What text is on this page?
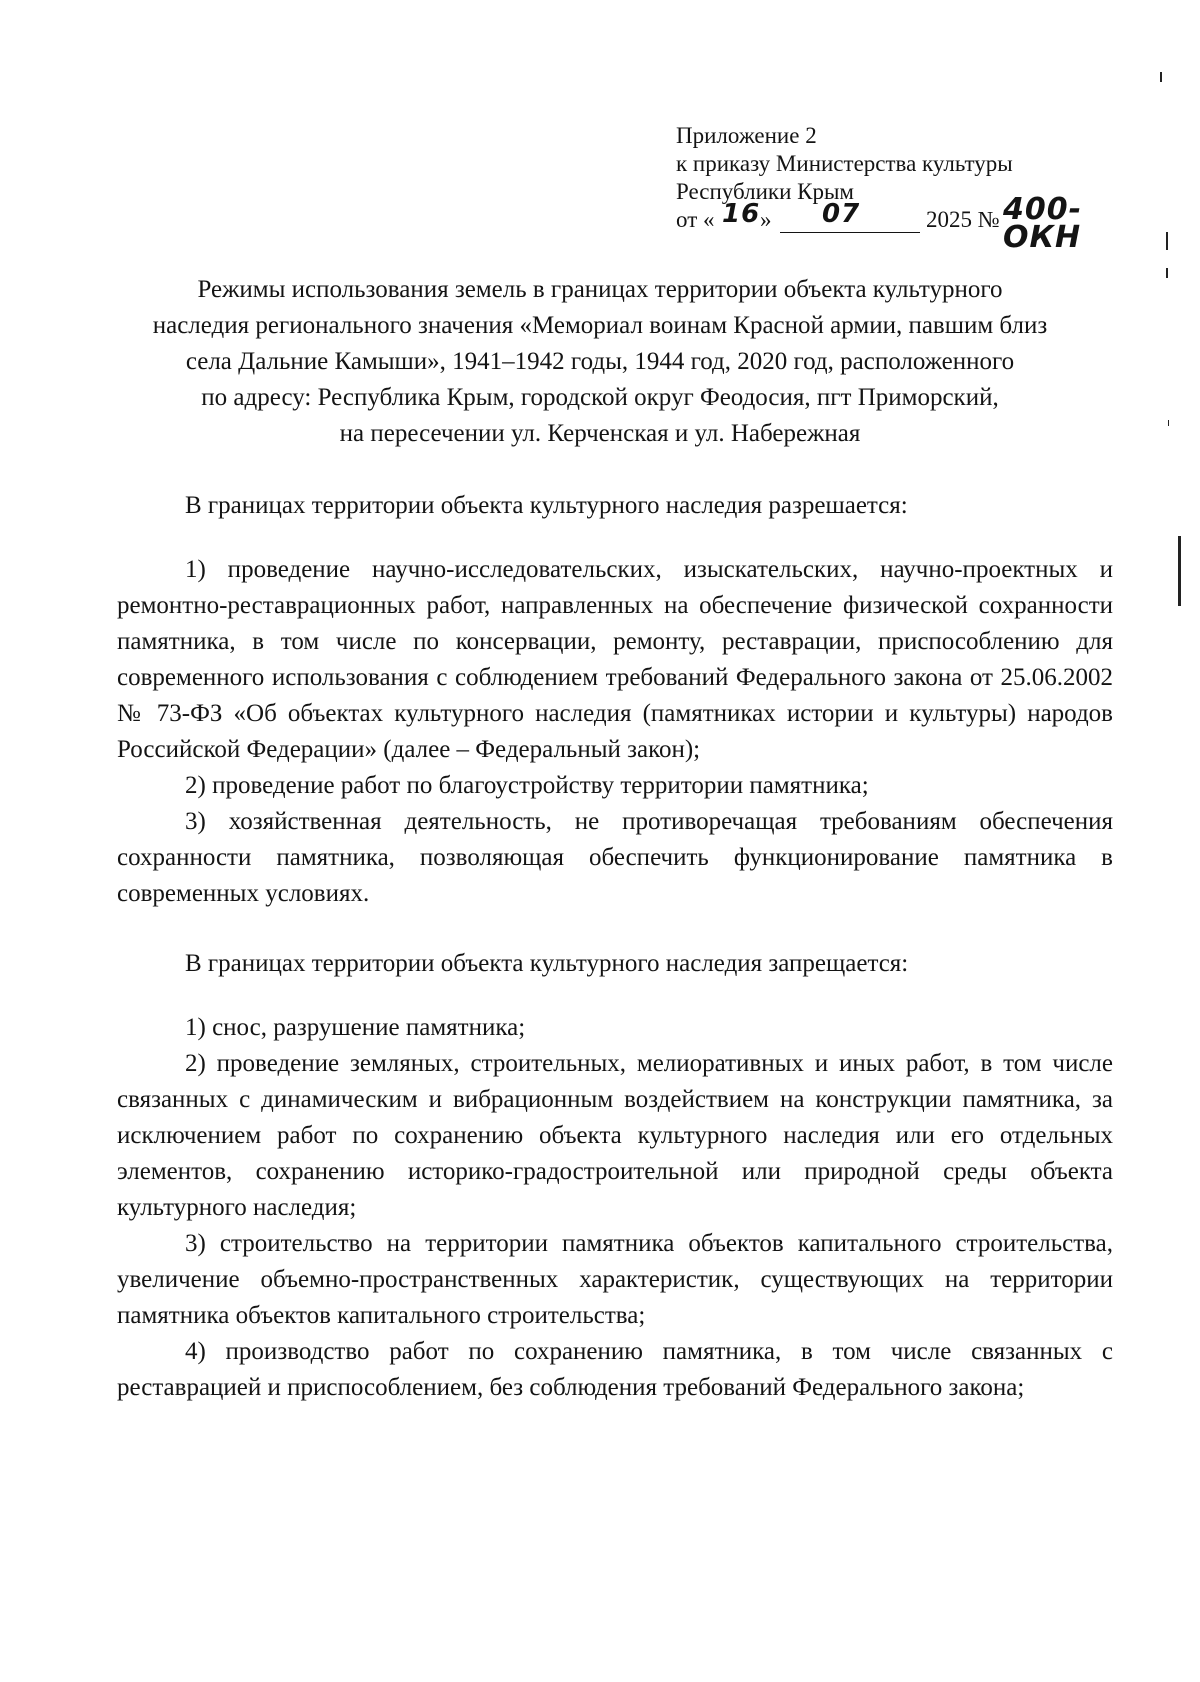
Приложение 2
к приказу Министерства культуры
Республики Крым
от « 16 » 07	2025 № 400-ОКН
Режимы использования земель в границах территории объекта культурного
наследия регионального значения «Мемориал воинам Красной армии, павшим близ
села Дальние Камыши», 1941–1942 годы, 1944 год, 2020 год, расположенного
по адресу: Республика Крым, городской округ Феодосия, пгт Приморский,
на пересечении ул. Керченская и ул. Набережная

В границах территории объекта культурного наследия разрешается:

1) проведение научно-исследовательских, изыскательских, научно-проектных и ремонтно-реставрационных работ, направленных на обеспечение физической сохранности памятника, в том числе по консервации, ремонту, реставрации, приспособлению для современного использования с соблюдением требований Федерального закона от 25.06.2002 № 73-ФЗ «Об объектах культурного наследия (памятниках истории и культуры) народов Российской Федерации» (далее – Федеральный закон);

2) проведение работ по благоустройству территории памятника;

3) хозяйственная деятельность, не противоречащая требованиям обеспечения сохранности памятника, позволяющая обеспечить функционирование памятника в современных условиях.

В границах территории объекта культурного наследия запрещается:

1) снос, разрушение памятника;

2) проведение земляных, строительных, мелиоративных и иных работ, в том числе связанных с динамическим и вибрационным воздействием на конструкции памятника, за исключением работ по сохранению объекта культурного наследия или его отдельных элементов, сохранению историко-градостроительной или природной среды объекта культурного наследия;

3) строительство на территории памятника объектов капитального строительства, увеличение объемно-пространственных характеристик, существующих на территории памятника объектов капитального строительства;

4) производство работ по сохранению памятника, в том числе связанных с реставрацией и приспособлением, без соблюдения требований Федерального закона;
